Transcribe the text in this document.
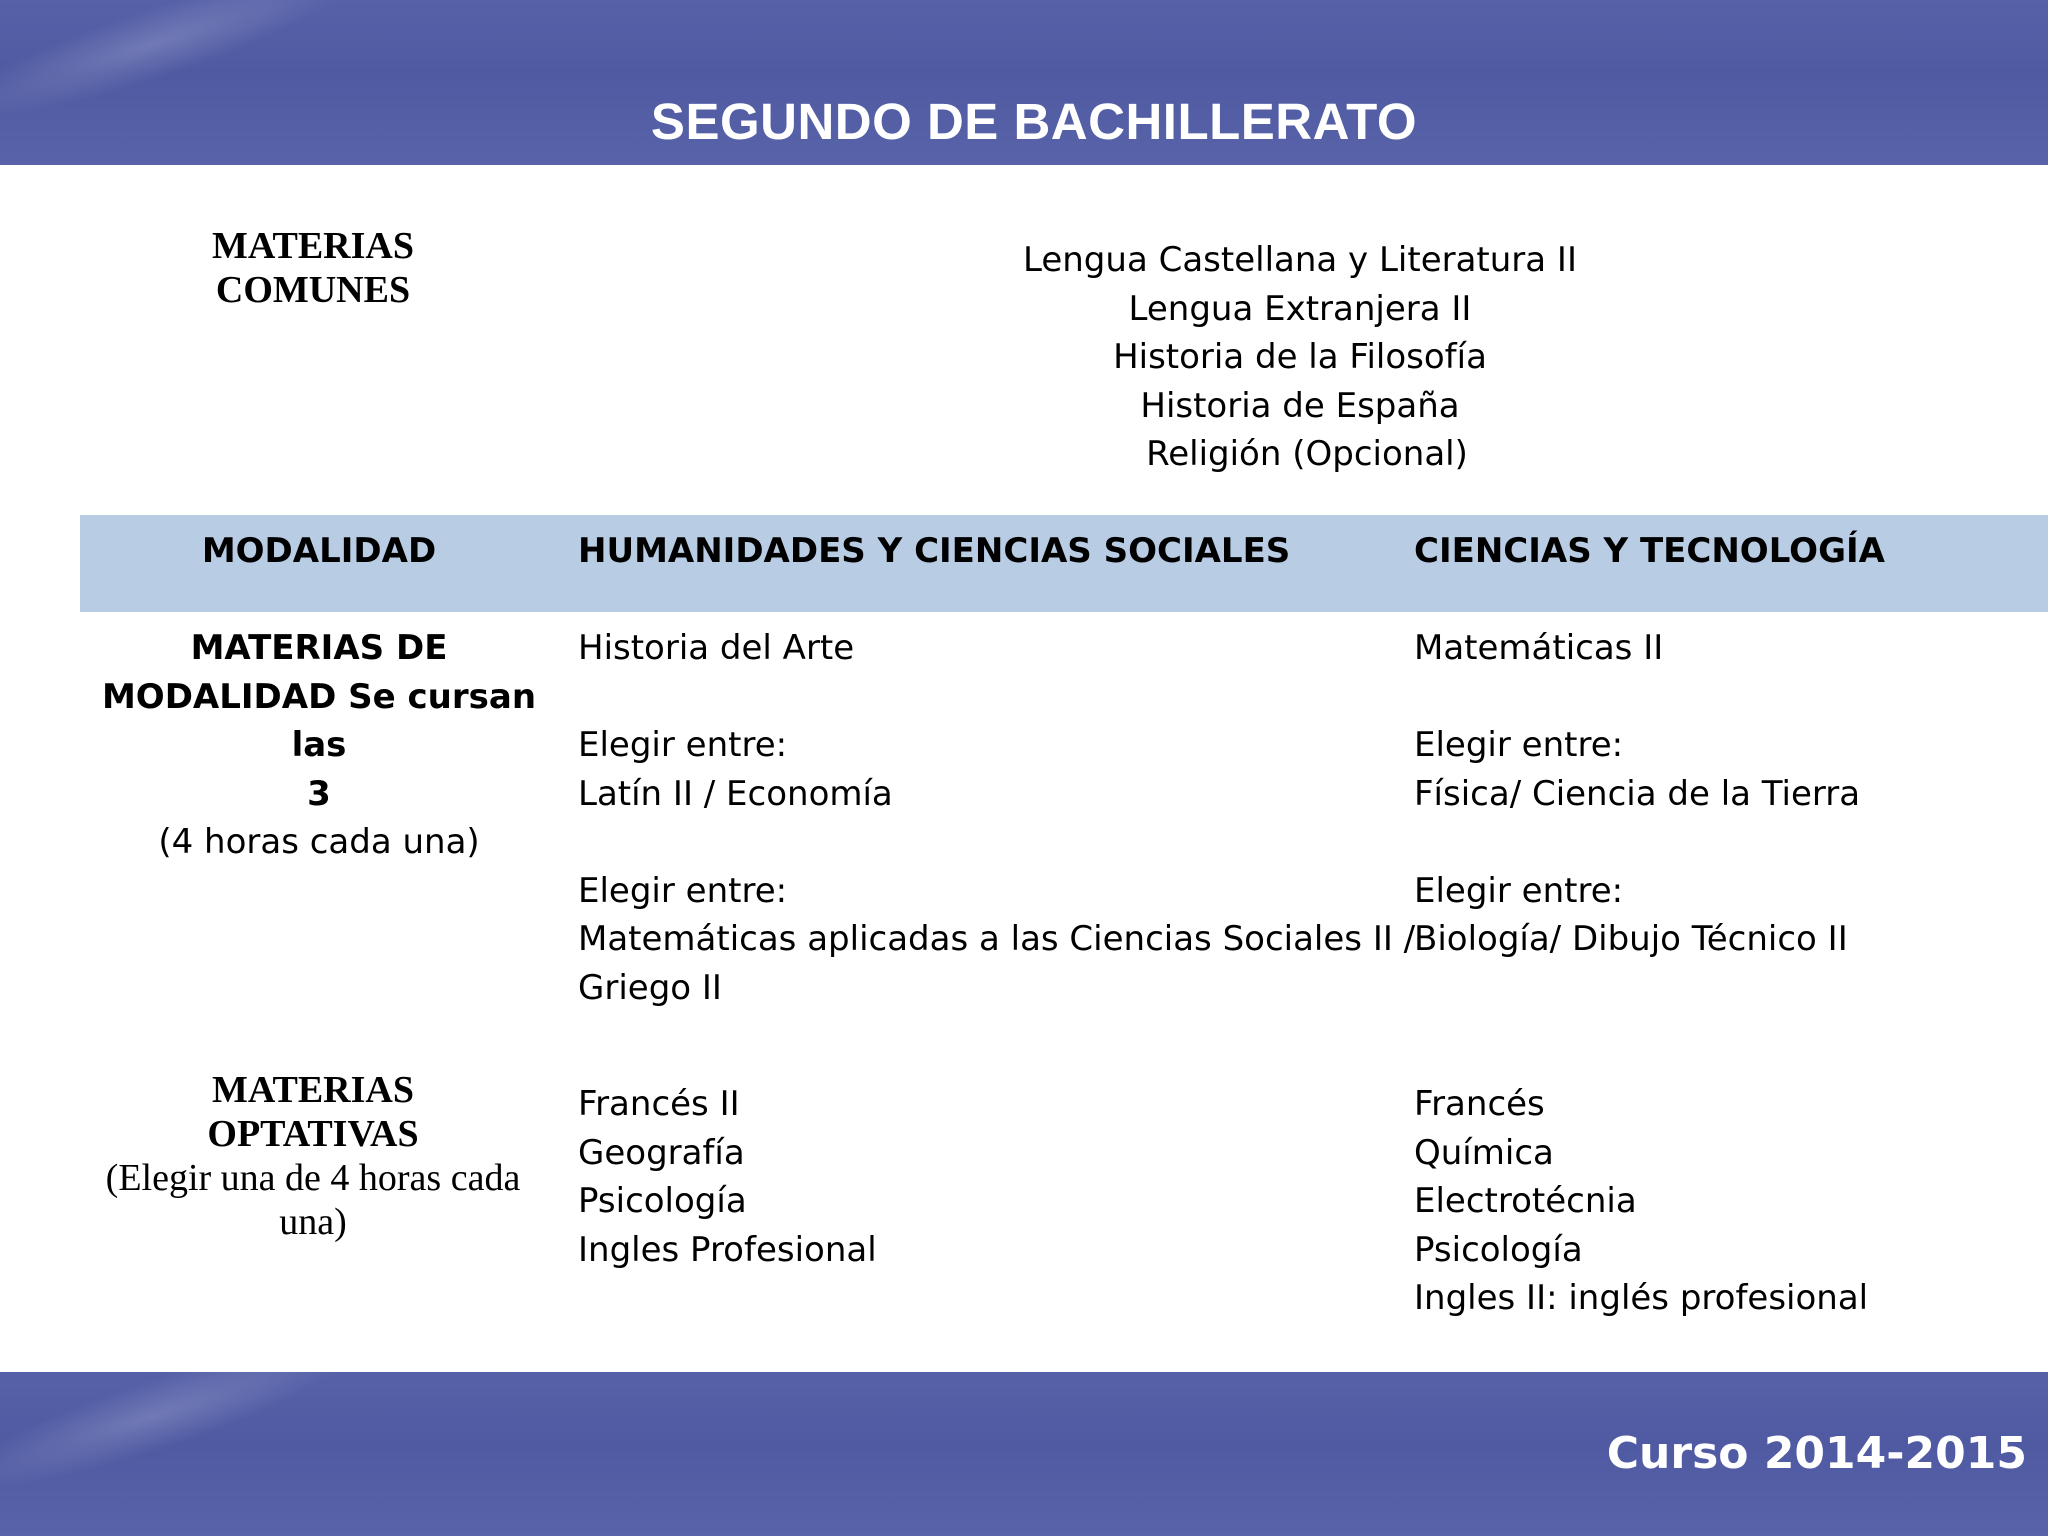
SEGUNDO DE BACHILLERATO
MATERIAS
COMUNES
Lengua Castellana y Literatura II
Lengua Extranjera II
Historia de la Filosofía
Historia de España
Religión (Opcional)
MODALIDAD	HUMANIDADES Y CIENCIAS SOCIALES	CIENCIAS Y TECNOLOGÍA
MATERIAS DE
MODALIDAD Se cursan las
3
(4 horas cada una)
Historia del Arte
Elegir entre:
Latín II / Economía
Elegir entre:
Matemáticas aplicadas a las Ciencias Sociales II /
Griego II
Matemáticas II
Elegir entre:
Física/ Ciencia de la Tierra
Elegir entre:
Biología/ Dibujo Técnico II
MATERIAS
OPTATIVAS
(Elegir una de 4 horas cada
una)
Francés II
Geografía
Psicología
Ingles Profesional
Francés
Química
Electrotécnia
Psicología
Ingles II: inglés profesional
Curso 2014-2015
